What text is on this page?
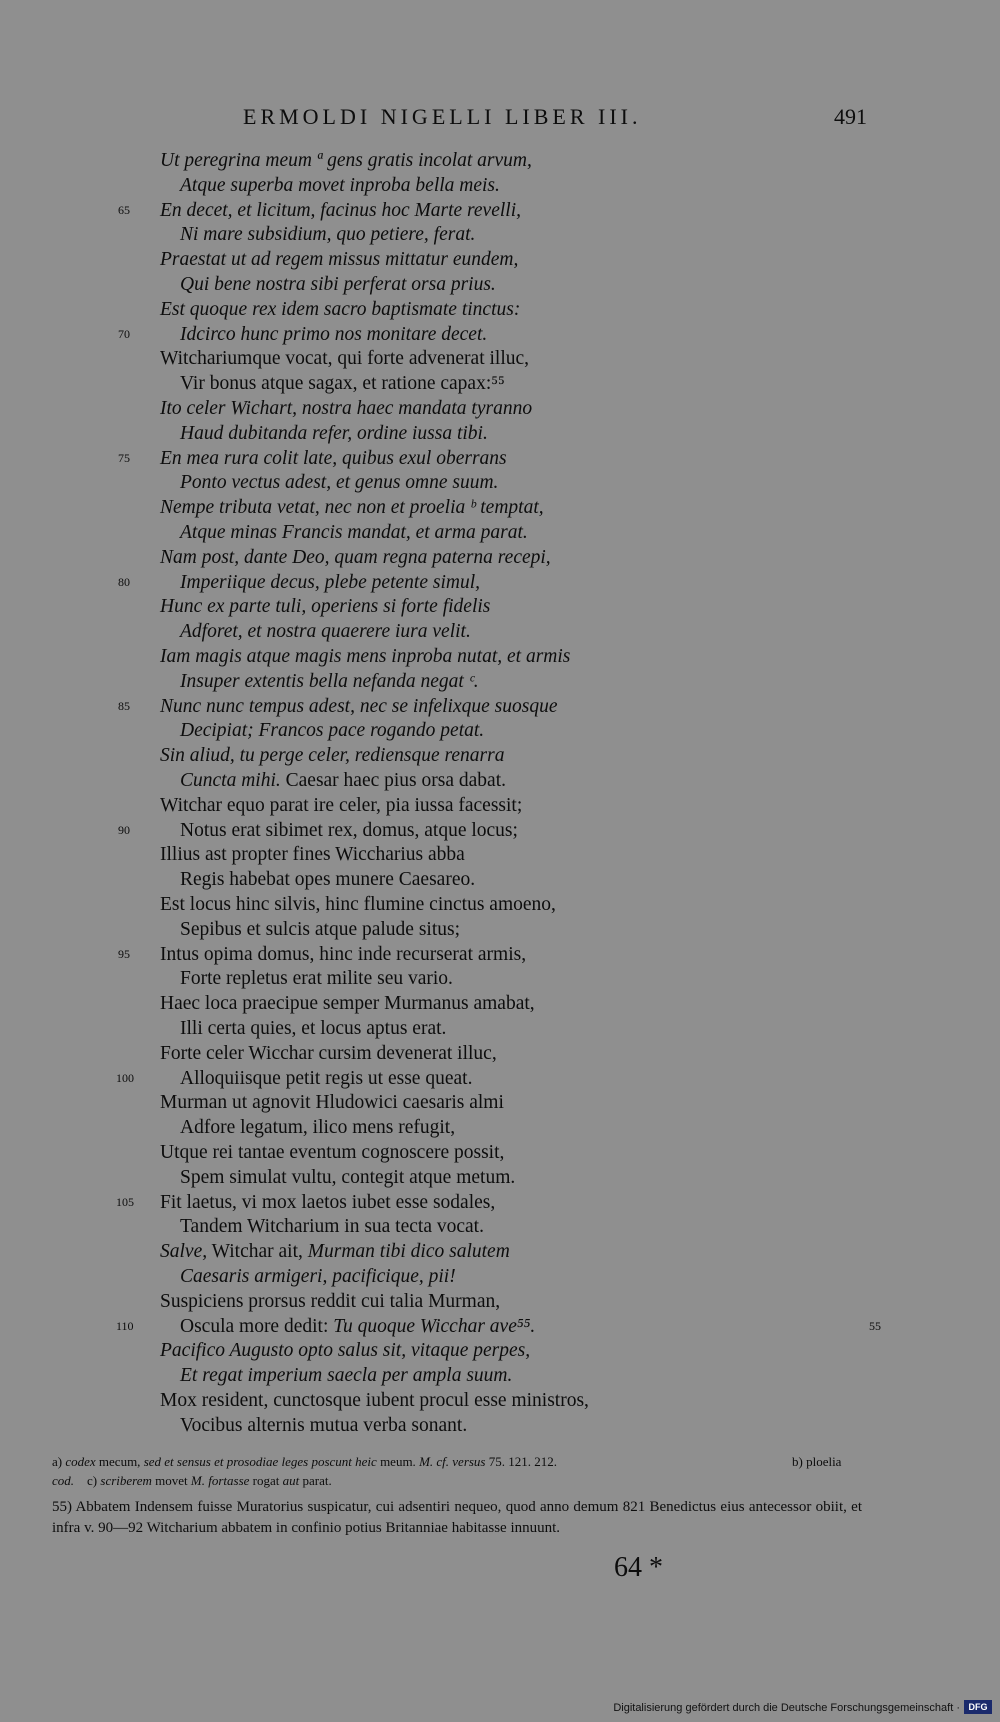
ERMOLDI NIGELLI LIBER III.	491
Ut peregrina meum ª gens gratis incolat arvum,
Atque superba movet inproba bella meis.
En decet, et licitum, facinus hoc Marte revelli,
65
Ni mare subsidium, quo petiere, ferat.
Praestat ut ad regem missus mittatur eundem,
Qui bene nostra sibi perferat orsa prius.
Est quoque rex idem sacro baptismate tinctus:
Idcirco hunc primo nos monitare decet.
70
Witchariumque vocat, qui forte advenerat illuc,
Vir bonus atque sagax, et ratione capax:⁵⁵
Ito celer Wichart, nostra haec mandata tyranno
Haud dubitanda refer, ordine iussa tibi.
En mea rura colit late, quibus exul oberrans
75
Ponto vectus adest, et genus omne suum.
Nempe tributa vetat, nec non et proelia ᵇ temptat,
Atque minas Francis mandat, et arma parat.
Nam post, dante Deo, quam regna paterna recepi,
Imperiique decus, plebe petente simul,
80
Hunc ex parte tuli, operiens si forte fidelis
Adforet, et nostra quaerere iura velit.
Iam magis atque magis mens inproba nutat, et armis
Insuper extentis bella nefanda negat ᶜ.
Nunc nunc tempus adest, nec se infelixque suosque
85
Decipiat; Francos pace rogando petat.
Sin aliud, tu perge celer, rediensque renarra
Cuncta mihi. Caesar haec pius orsa dabat.
Witchar equo parat ire celer, pia iussa facessit;
Notus erat sibimet rex, domus, atque locus;
90
Illius ast propter fines Wiccharius abba
Regis habebat opes munere Caesareo.
Est locus hinc silvis, hinc flumine cinctus amoeno,
Sepibus et sulcis atque palude situs;
Intus opima domus, hinc inde recurserat armis,
95
Forte repletus erat milite seu vario.
Haec loca praecipue semper Murmanus amabat,
Illi certa quies, et locus aptus erat.
Forte celer Wicchar cursim devenerat illuc,
Alloquiisque petit regis ut esse queat.
100
Murman ut agnovit Hludowici caesaris almi
Adfore legatum, ilico mens refugit,
Utque rei tantae eventum cognoscere possit,
Spem simulat vultu, contegit atque metum.
Fit laetus, vi mox laetos iubet esse sodales,
105
Tandem Witcharium in sua tecta vocat.
Salve, Witchar ait, Murman tibi dico salutem
Caesaris armigeri, pacificique, pii!
Suspiciens prorsus reddit cui talia Murman,
Oscula more dedit: Tu quoque Wicchar ave⁵⁵.
110	55
Pacifico Augusto opto salus sit, vitaque perpes,
Et regat imperium saecla per ampla suum.
Mox resident, cunctosque iubent procul esse ministros,
Vocibus alternis mutua verba sonant.
a) codex mecum, sed et sensus et prosodiae leges poscunt heic meum. M. cf. versus 75. 121. 212.	b) ploelia
cod.    c) scriberem movet M. fortasse rogat aut parat.
55) Abbatem Indensem fuisse Muratorius suspicatur, cui adsentiri nequeo, quod anno demum 821 Benedictus eius antecessor obiit, et infra v. 90—92 Witcharium abbatem in confinio potius Britanniae habitasse innuunt.
64 *
Digitalisierung gefördert durch die Deutsche Forschungsgemeinschaft · DFG
